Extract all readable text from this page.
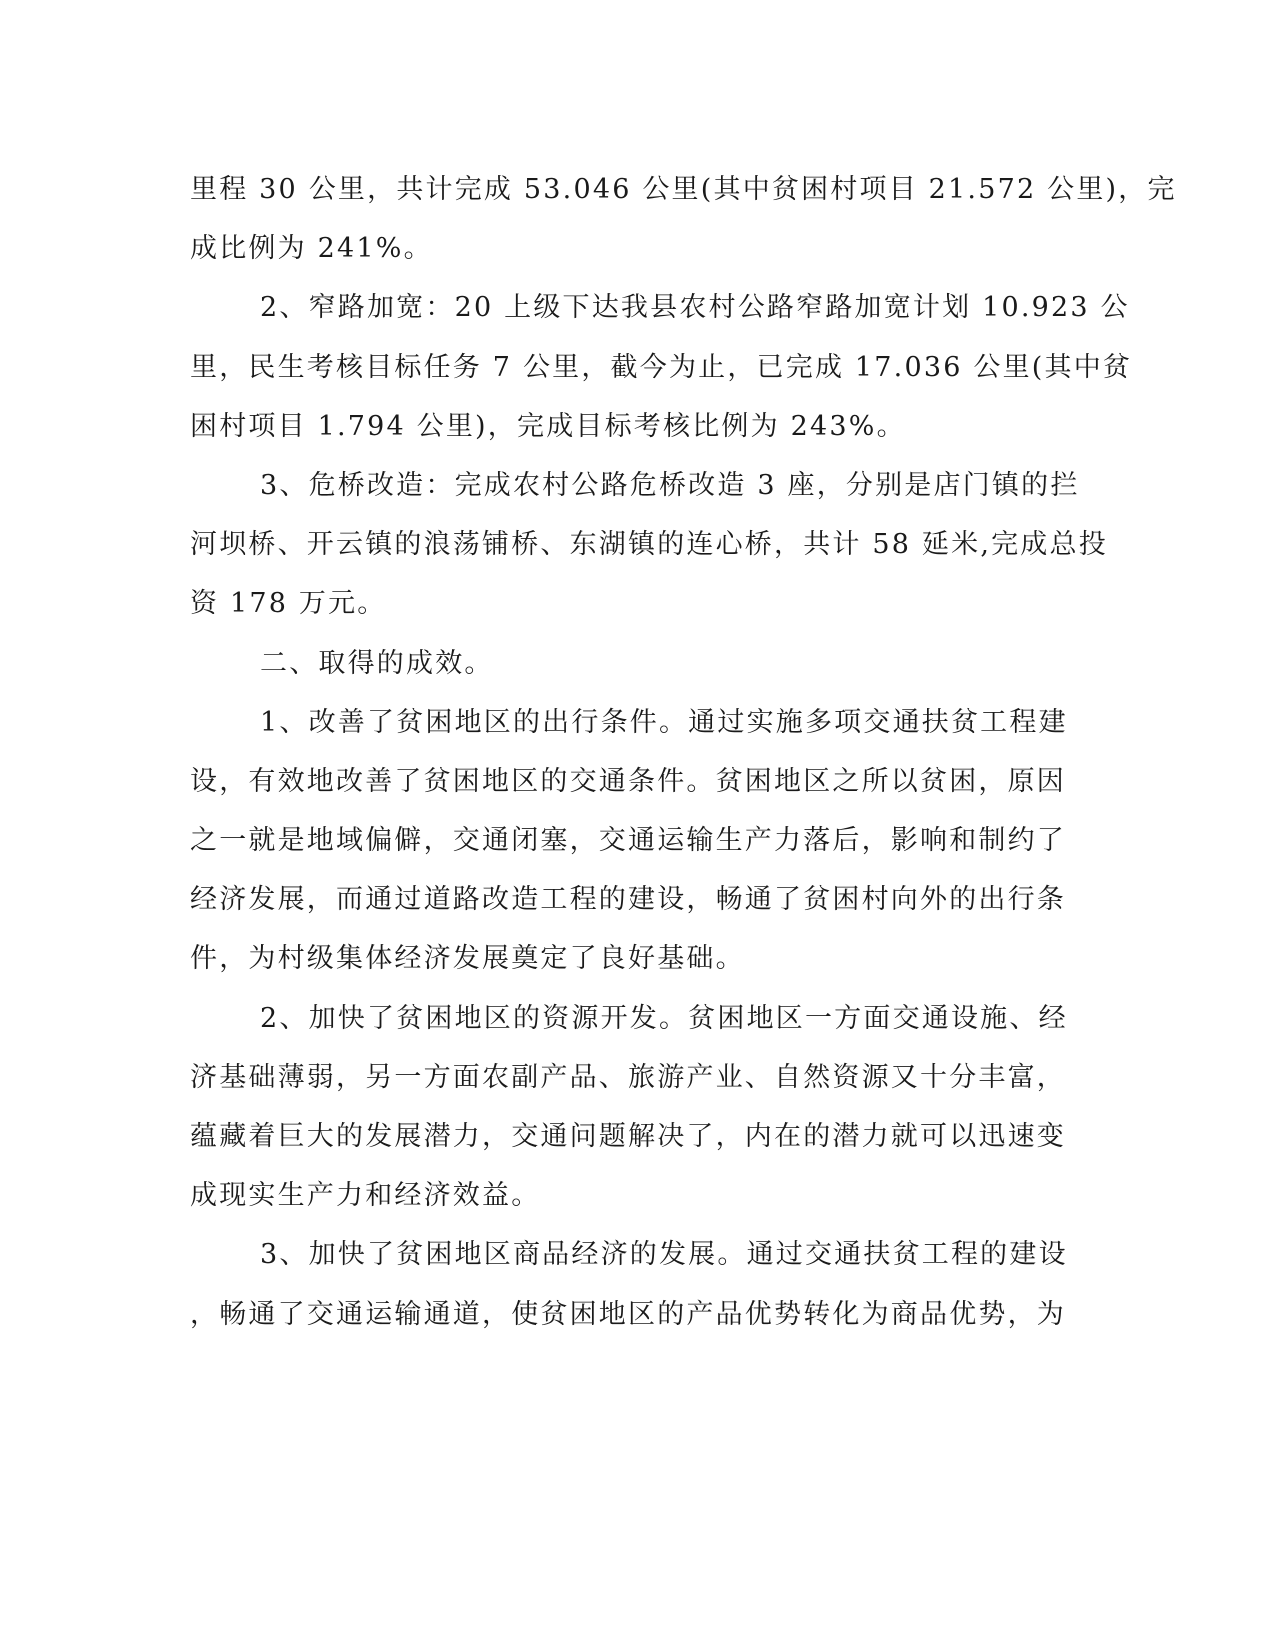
里程 30 公里，共计完成 53.046 公里(其中贫困村项目 21.572 公里)，完

成比例为 241%。

2、窄路加宽：20 上级下达我县农村公路窄路加宽计划 10.923 公

里，民生考核目标任务 7 公里，截今为止，已完成 17.036 公里(其中贫

困村项目 1.794 公里)，完成目标考核比例为 243%。

3、危桥改造：完成农村公路危桥改造 3 座，分别是店门镇的拦

河坝桥、开云镇的浪荡铺桥、东湖镇的连心桥，共计 58 延米,完成总投

资 178 万元。

二、取得的成效。

1、改善了贫困地区的出行条件。通过实施多项交通扶贫工程建

设，有效地改善了贫困地区的交通条件。贫困地区之所以贫困，原因

之一就是地域偏僻，交通闭塞，交通运输生产力落后，影响和制约了

经济发展，而通过道路改造工程的建设，畅通了贫困村向外的出行条

件，为村级集体经济发展奠定了良好基础。

2、加快了贫困地区的资源开发。贫困地区一方面交通设施、经

济基础薄弱，另一方面农副产品、旅游产业、自然资源又十分丰富，

蕴藏着巨大的发展潜力，交通问题解决了，内在的潜力就可以迅速变

成现实生产力和经济效益。

3、加快了贫困地区商品经济的发展。通过交通扶贫工程的建设

，畅通了交通运输通道，使贫困地区的产品优势转化为商品优势，为
